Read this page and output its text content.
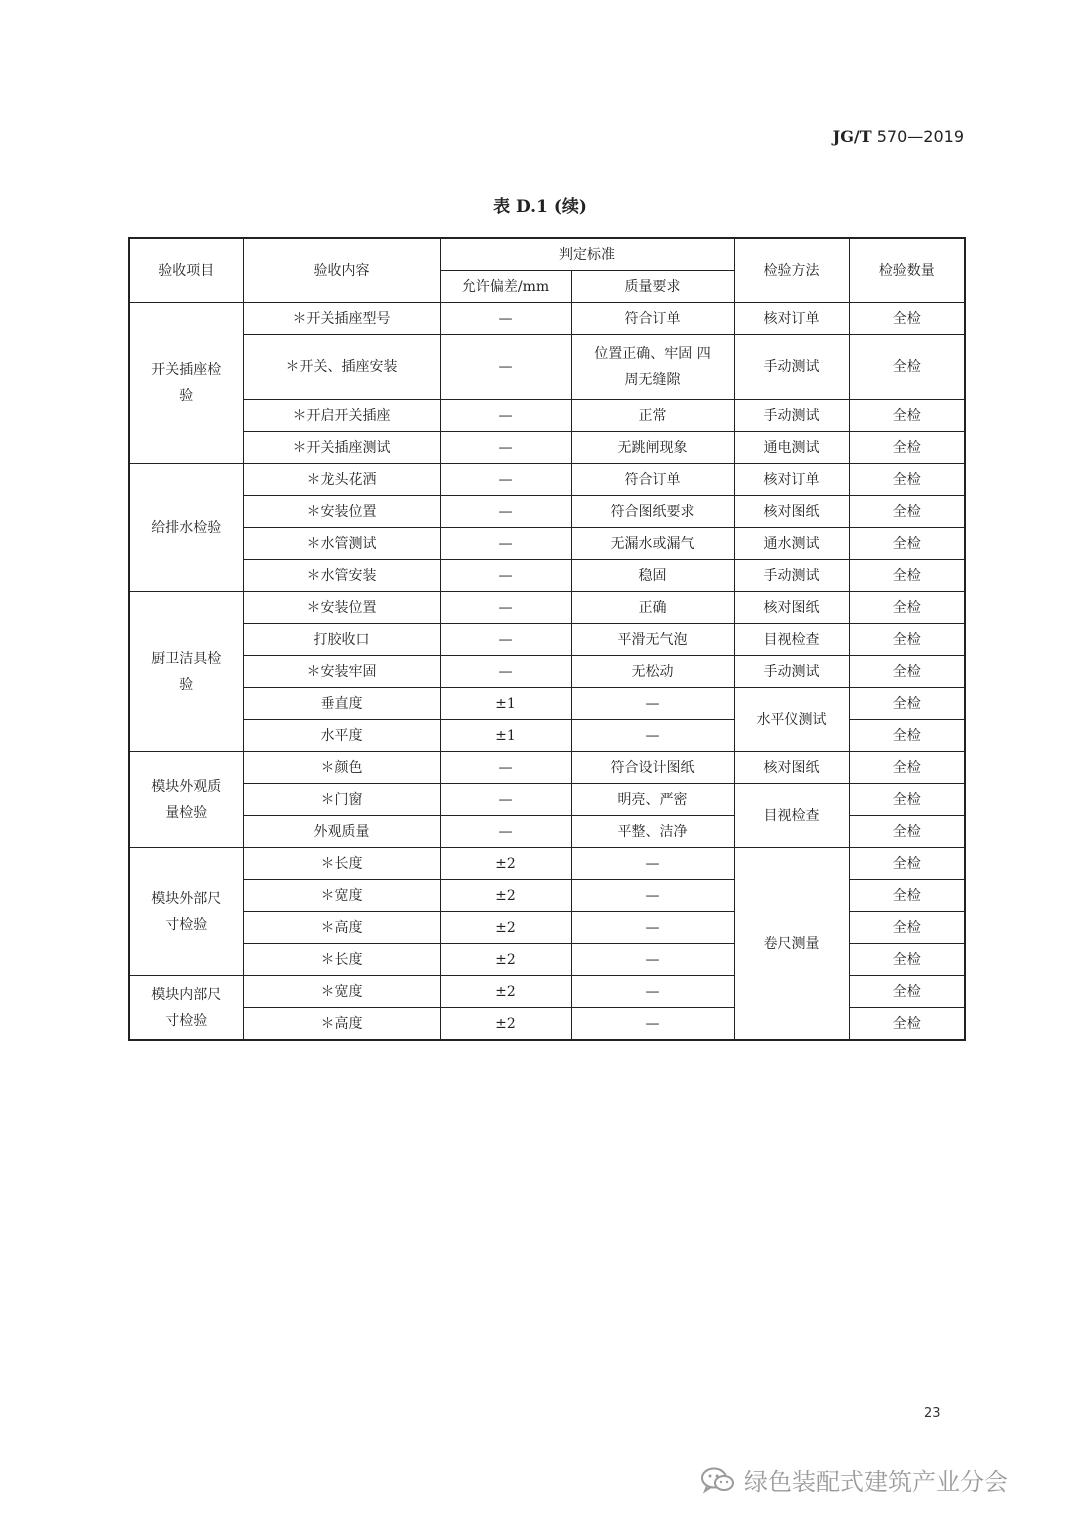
JG/T 570—2019
表 D.1 (续)
验收项目	验收内容	判定标准		检验方法	检验数量
		允许偏差/mm	质量要求		
开关插座检验	＊开关插座型号	—	符合订单	核对订单	全检
	＊开关、插座安装	—	位置正确、牢固 四周无缝隙	手动测试	全检
	＊开启开关插座	—	正常	手动测试	全检
	＊开关插座测试	—	无跳闸现象	通电测试	全检
给排水检验	＊龙头花洒	—	符合订单	核对订单	全检
	＊安装位置	—	符合图纸要求	核对图纸	全检
	＊水管测试	—	无漏水或漏气	通水测试	全检
	＊水管安装	—	稳固	手动测试	全检
厨卫洁具检验	＊安装位置	—	正确	核对图纸	全检
	打胶收口	—	平滑无气泡	目视检查	全检
	＊安装牢固	—	无松动	手动测试	全检
	垂直度	±1	—	水平仪测试	全检
	水平度	±1	—		全检
模块外观质量检验	＊颜色	—	符合设计图纸	核对图纸	全检
	＊门窗	—	明亮、严密	目视检查	全检
	外观质量	—	平整、洁净		全检
模块外部尺寸检验	＊长度	±2	—	卷尺测量	全检
	＊宽度	±2	—		全检
	＊高度	±2	—		全检
	＊长度	±2	—		全检
模块内部尺寸检验	＊宽度	±2	—		全检
	＊高度	±2	—		全检
23
绿色装配式建筑产业分会
